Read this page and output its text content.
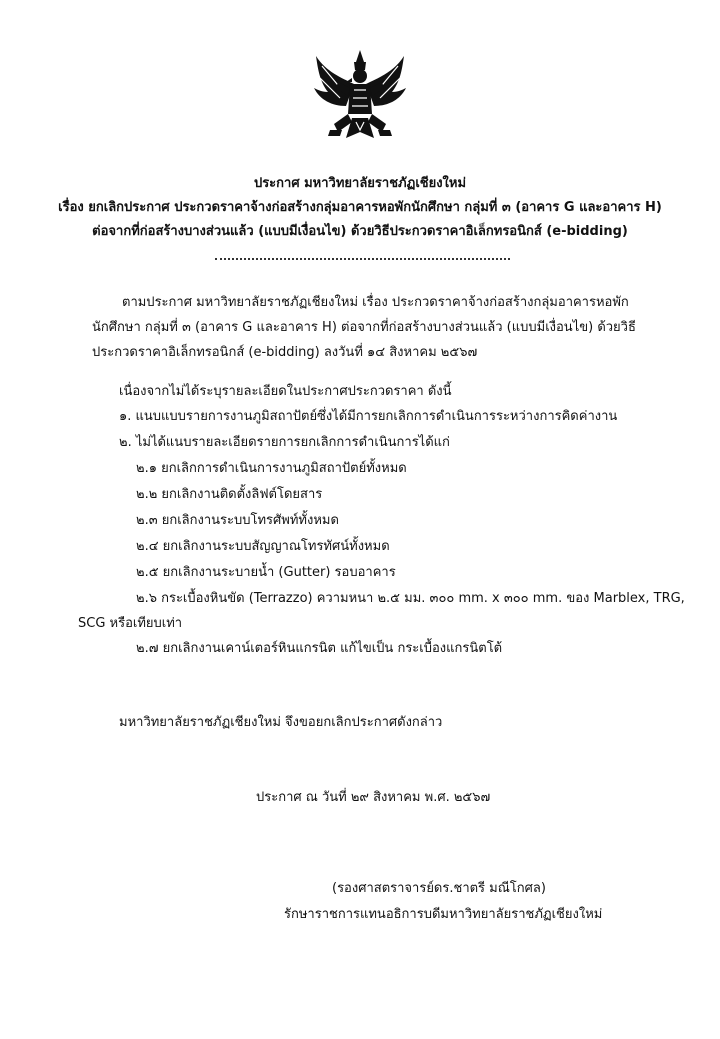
ประกาศ มหาวิทยาลัยราชภัฏเชียงใหม่
เรื่อง ยกเลิกประกาศ ประกวดราคาจ้างก่อสร้างกลุ่มอาคารหอพักนักศึกษา กลุ่มที่ ๓ (อาคาร G และอาคาร H)
ต่อจากที่ก่อสร้างบางส่วนแล้ว (แบบมีเงื่อนไข) ด้วยวิธีประกวดราคาอิเล็กทรอนิกส์ (e-bidding)
ตามประกาศ มหาวิทยาลัยราชภัฏเชียงใหม่ เรื่อง ประกวดราคาจ้างก่อสร้างกลุ่มอาคารหอพักนักศึกษา กลุ่มที่ ๓ (อาคาร G และอาคาร H) ต่อจากที่ก่อสร้างบางส่วนแล้ว (แบบมีเงื่อนไข) ด้วยวิธีประกวดราคาอิเล็กทรอนิกส์ (e-bidding) ลงวันที่ ๑๔ สิงหาคม ๒๕๖๗
เนื่องจากไม่ได้ระบุรายละเอียดในประกาศประกวดราคา ดังนี้
๑. แนบแบบรายการงานภูมิสถาปัตย์ซึ่งได้มีการยกเลิกการดำเนินการระหว่างการคิดค่างาน
๒. ไม่ได้แนบรายละเอียดรายการยกเลิกการดำเนินการได้แก่
๒.๑ ยกเลิกการดำเนินการงานภูมิสถาปัตย์ทั้งหมด
๒.๒ ยกเลิกงานติดตั้งลิฟต์โดยสาร
๒.๓ ยกเลิกงานระบบโทรศัพท์ทั้งหมด
๒.๔ ยกเลิกงานระบบสัญญาณโทรทัศน์ทั้งหมด
๒.๕ ยกเลิกงานระบายน้ำ (Gutter) รอบอาคาร
๒.๖ กระเบื้องหินขัด (Terrazzo) ความหนา ๒.๕ มม. ๓๐๐ mm. x ๓๐๐ mm. ของ Marblex, TRG,
SCG หรือเทียบเท่า
๒.๗ ยกเลิกงานเคาน์เตอร์หินแกรนิต แก้ไขเป็น กระเบื้องแกรนิตโต้
มหาวิทยาลัยราชภัฏเชียงใหม่ จึงขอยกเลิกประกาศดังกล่าว
ประกาศ ณ วันที่ ๒๙ สิงหาคม พ.ศ. ๒๕๖๗
(รองศาสตราจารย์ดร.ชาตรี มณีโกศล)
รักษาราชการแทนอธิการบดีมหาวิทยาลัยราชภัฏเชียงใหม่
